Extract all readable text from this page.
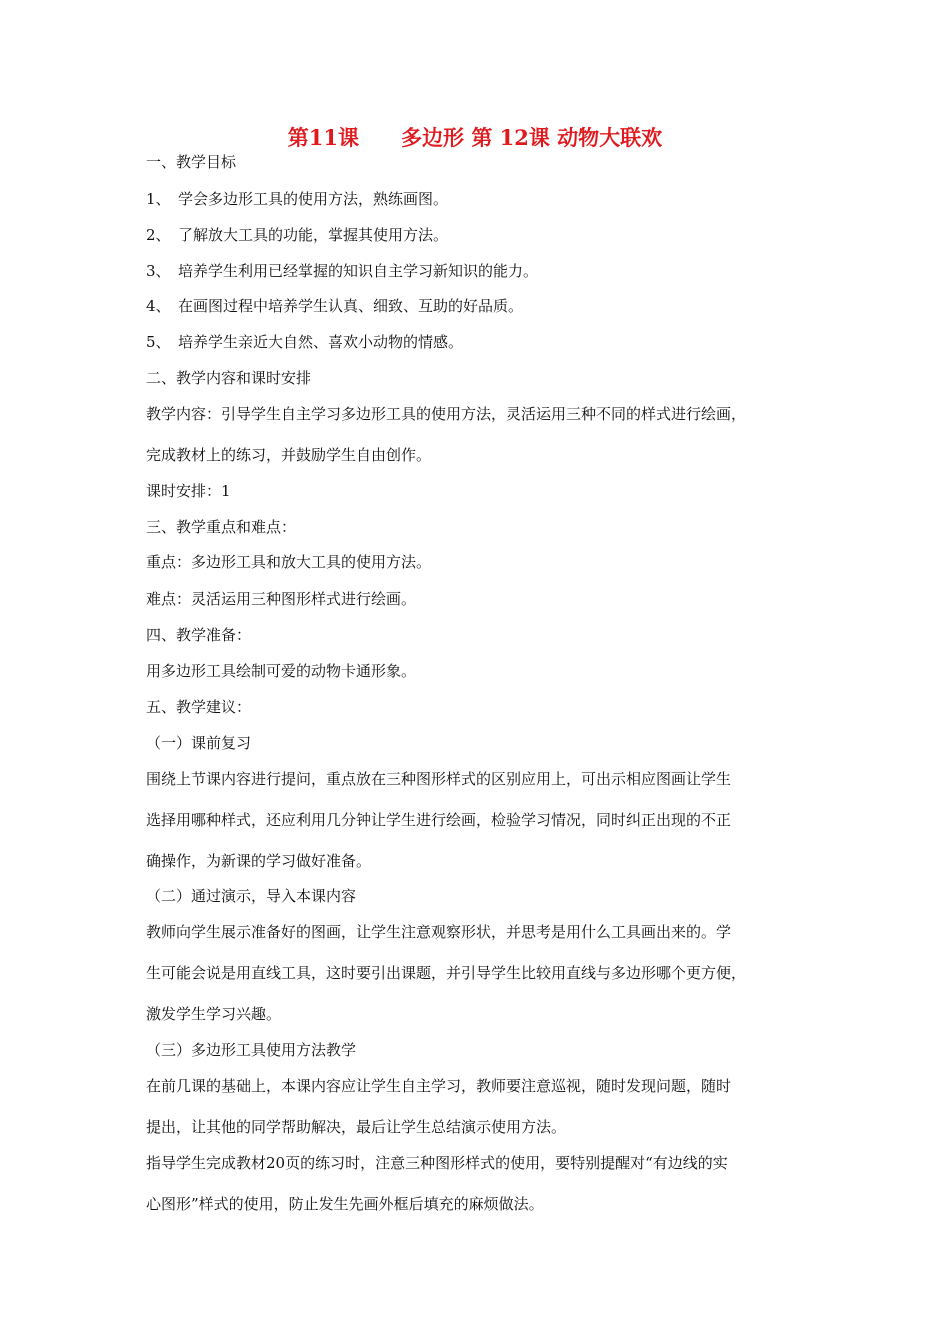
第11课　　多边形 第 12课 动物大联欢
一、教学目标
1、 学会多边形工具的使用方法，熟练画图。
2、 了解放大工具的功能，掌握其使用方法。
3、 培养学生利用已经掌握的知识自主学习新知识的能力。
4、 在画图过程中培养学生认真、细致、互助的好品质。
5、 培养学生亲近大自然、喜欢小动物的情感。
二、教学内容和课时安排
教学内容：引导学生自主学习多边形工具的使用方法，灵活运用三种不同的样式进行绘画，
完成教材上的练习，并鼓励学生自由创作。
课时安排：1
三、教学重点和难点：
重点：多边形工具和放大工具的使用方法。
难点：灵活运用三种图形样式进行绘画。
四、教学准备：
用多边形工具绘制可爱的动物卡通形象。
五、教学建议：
（一）课前复习
围绕上节课内容进行提问，重点放在三种图形样式的区别应用上，可出示相应图画让学生
选择用哪种样式，还应利用几分钟让学生进行绘画，检验学习情况，同时纠正出现的不正
确操作，为新课的学习做好准备。
（二）通过演示，导入本课内容
教师向学生展示准备好的图画，让学生注意观察形状，并思考是用什么工具画出来的。学
生可能会说是用直线工具，这时要引出课题，并引导学生比较用直线与多边形哪个更方便，
激发学生学习兴趣。
（三）多边形工具使用方法教学
在前几课的基础上，本课内容应让学生自主学习，教师要注意巡视，随时发现问题，随时
提出，让其他的同学帮助解决，最后让学生总结演示使用方法。
指导学生完成教材20页的练习时，注意三种图形样式的使用，要特别提醒对“有边线的实
心图形”样式的使用，防止发生先画外框后填充的麻烦做法。
